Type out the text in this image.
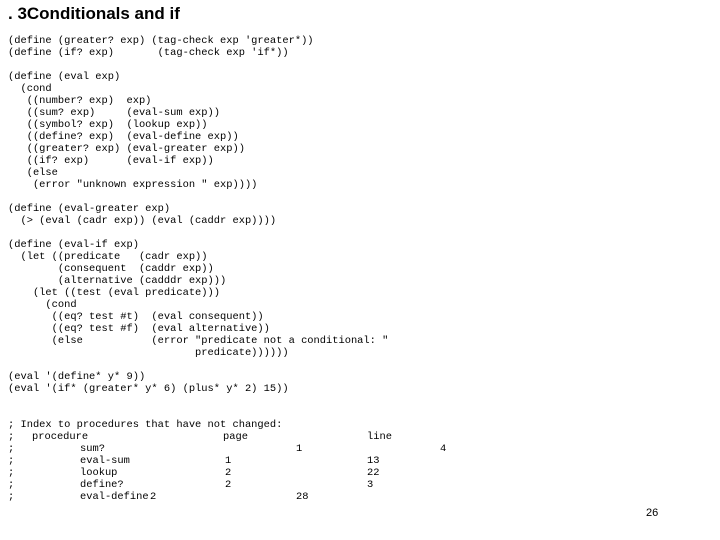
. 3Conditionals and if
(define (greater? exp) (tag-check exp 'greater*))
(define (if? exp)       (tag-check exp 'if*))
(define (eval exp)
(cond
((number? exp)  exp)
((sum? exp)     (eval-sum exp))
((symbol? exp)  (lookup exp))
((define? exp)  (eval-define exp))
((greater? exp) (eval-greater exp))
((if? exp)      (eval-if exp))
(else
(error "unknown expression " exp))))
(define (eval-greater exp)
(> (eval (cadr exp)) (eval (caddr exp))))
(define (eval-if exp)
(let ((predicate   (cadr exp))
(consequent  (caddr exp))
(alternative (cadddr exp)))
(let ((test (eval predicate)))
(cond
((eq? test #t)  (eval consequent))
((eq? test #f)  (eval alternative))
(else           (error "predicate not a conditional: "
predicate))))))
(eval '(define* y* 9))
(eval '(if* (greater* y* 6) (plus* y* 2) 15))
; Index to procedures that have not changed:
; procedure	page	line
;	sum?	1	4
;	eval-sum	1	13
;	lookup	2	22
;	define?	2	3
;	eval-define 2	28
26
